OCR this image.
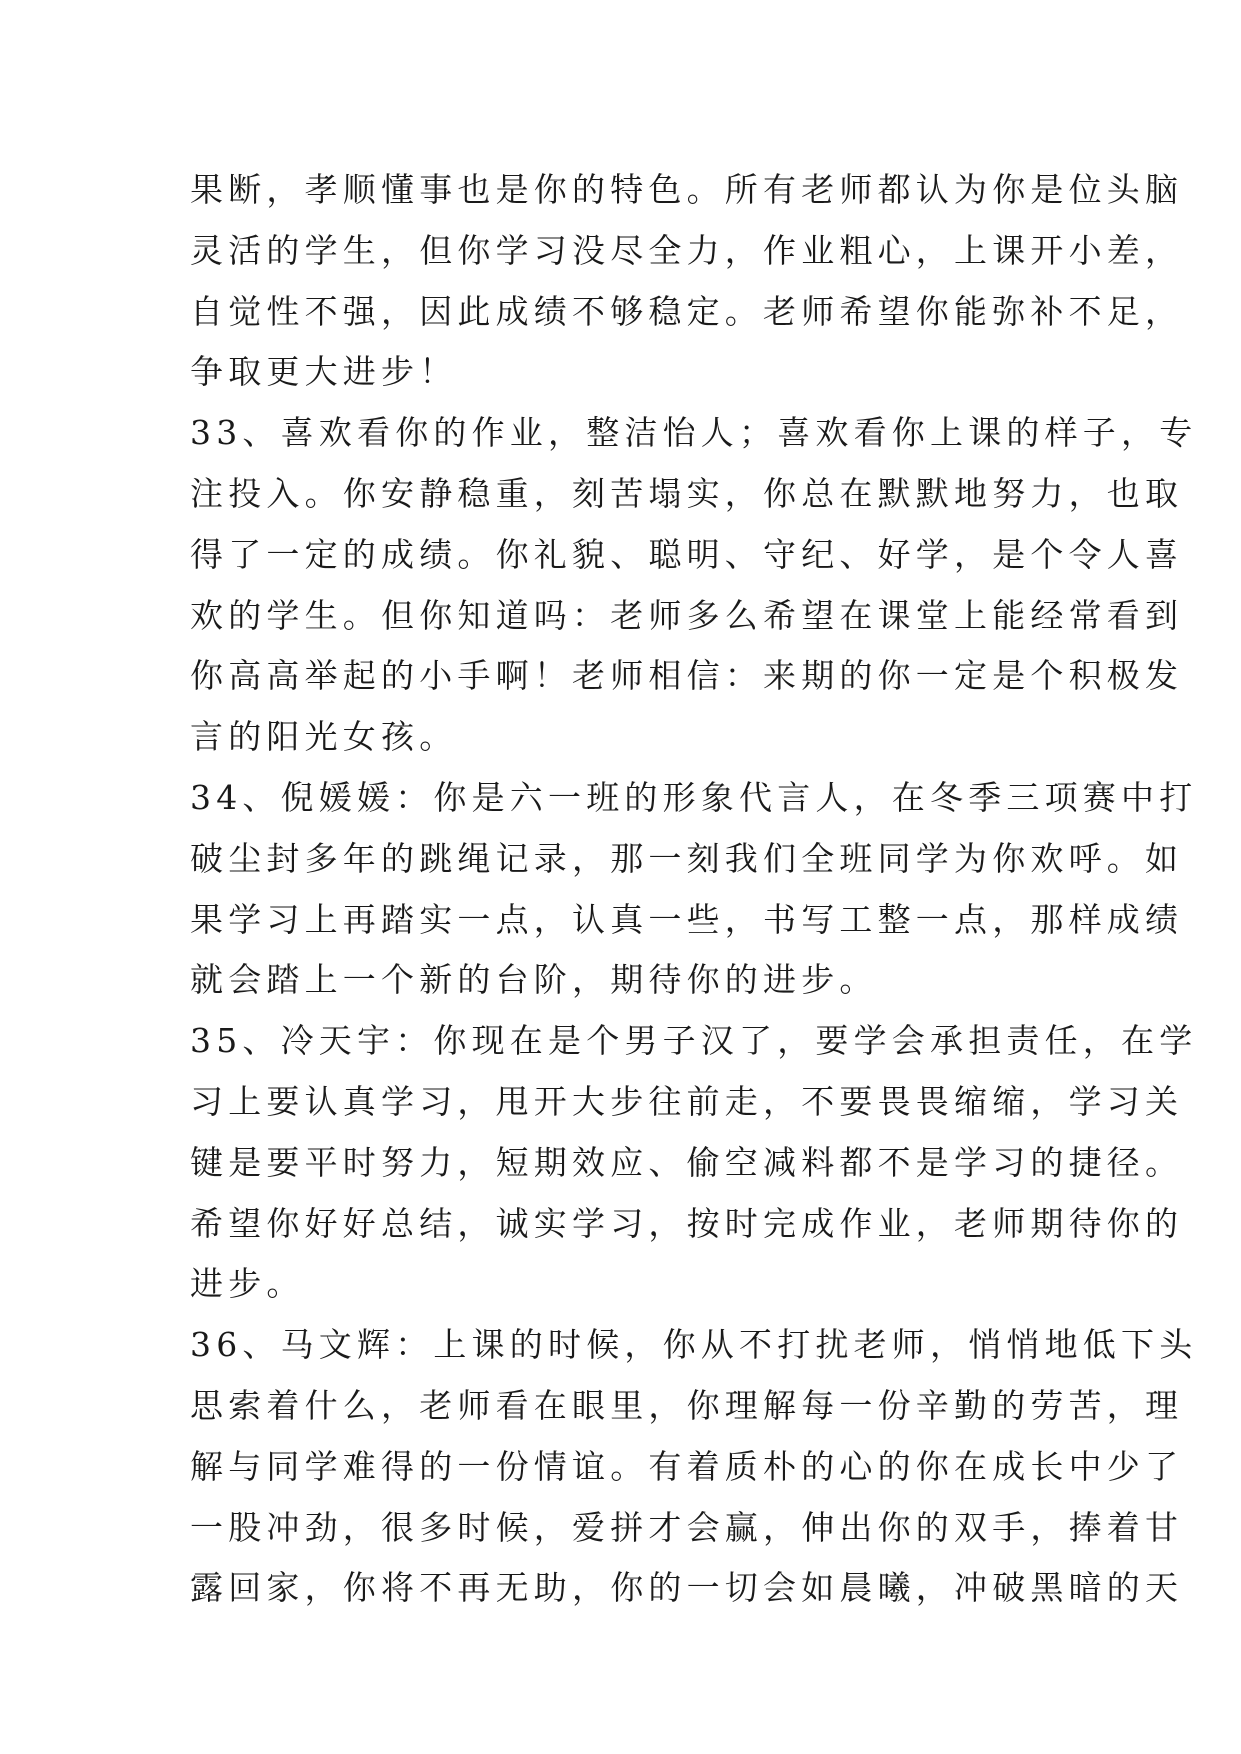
果断，孝顺懂事也是你的特色。所有老师都认为你是位头脑
灵活的学生，但你学习没尽全力，作业粗心，上课开小差，
自觉性不强，因此成绩不够稳定。老师希望你能弥补不足，
争取更大进步！
33、喜欢看你的作业，整洁怡人；喜欢看你上课的样子，专
注投入。你安静稳重，刻苦塌实，你总在默默地努力，也取
得了一定的成绩。你礼貌、聪明、守纪、好学，是个令人喜
欢的学生。但你知道吗：老师多么希望在课堂上能经常看到
你高高举起的小手啊！老师相信：来期的你一定是个积极发
言的阳光女孩。
34、倪媛媛：你是六一班的形象代言人，在冬季三项赛中打
破尘封多年的跳绳记录，那一刻我们全班同学为你欢呼。如
果学习上再踏实一点，认真一些，书写工整一点，那样成绩
就会踏上一个新的台阶，期待你的进步。
35、冷天宇：你现在是个男子汉了，要学会承担责任，在学
习上要认真学习，甩开大步往前走，不要畏畏缩缩，学习关
键是要平时努力，短期效应、偷空减料都不是学习的捷径。
希望你好好总结，诚实学习，按时完成作业，老师期待你的
进步。
36、马文辉：上课的时候，你从不打扰老师，悄悄地低下头
思索着什么，老师看在眼里，你理解每一份辛勤的劳苦，理
解与同学难得的一份情谊。有着质朴的心的你在成长中少了
一股冲劲，很多时候，爱拼才会赢，伸出你的双手，捧着甘
露回家，你将不再无助，你的一切会如晨曦，冲破黑暗的天
